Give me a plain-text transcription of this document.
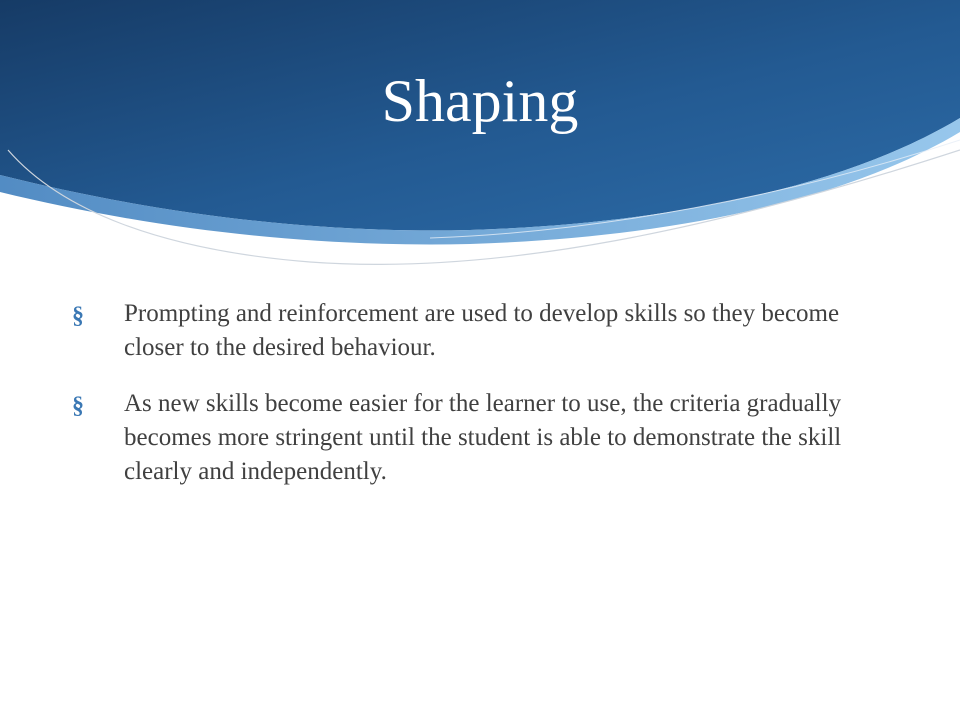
Shaping
§ Prompting and reinforcement are used to develop skills so they become closer to the desired behaviour.
§ As new skills become easier for the learner to use, the criteria gradually becomes more stringent until the student is able to demonstrate the skill clearly and independently.
